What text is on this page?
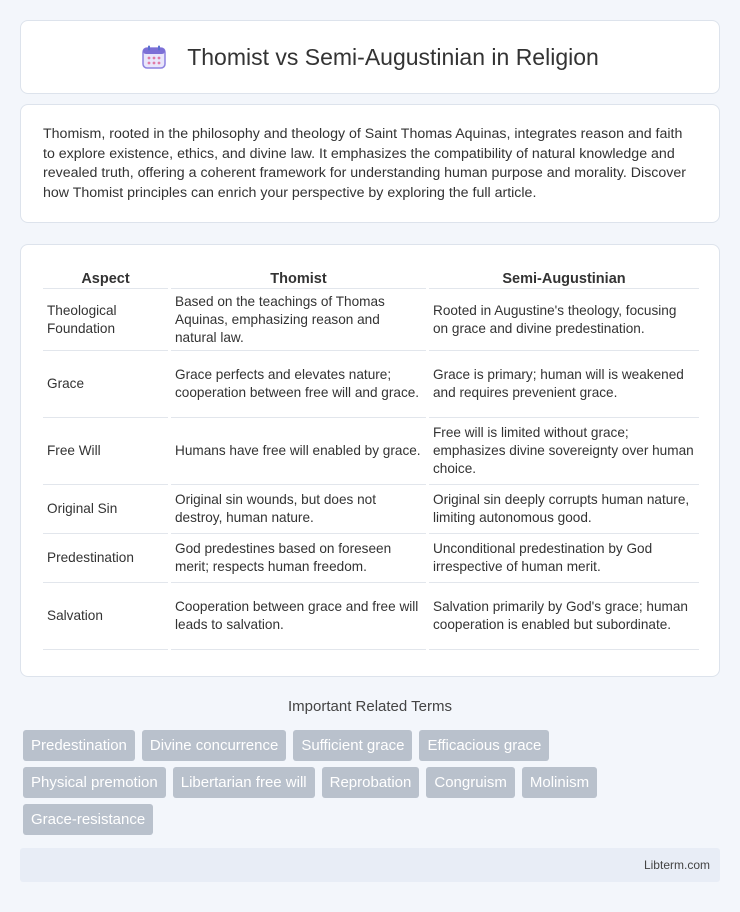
Thomist vs Semi-Augustinian in Religion

Thomism, rooted in the philosophy and theology of Saint Thomas Aquinas, integrates reason and faith to explore existence, ethics, and divine law. It emphasizes the compatibility of natural knowledge and revealed truth, offering a coherent framework for understanding human purpose and morality. Discover how Thomist principles can enrich your perspective by exploring the full article.

Aspect	Thomist	Semi-Augustinian
Theological Foundation	Based on the teachings of Thomas Aquinas, emphasizing reason and natural law.	Rooted in Augustine's theology, focusing on grace and divine predestination.
Grace	Grace perfects and elevates nature; cooperation between free will and grace.	Grace is primary; human will is weakened and requires prevenient grace.
Free Will	Humans have free will enabled by grace.	Free will is limited without grace; emphasizes divine sovereignty over human choice.
Original Sin	Original sin wounds, but does not destroy, human nature.	Original sin deeply corrupts human nature, limiting autonomous good.
Predestination	God predestines based on foreseen merit; respects human freedom.	Unconditional predestination by God irrespective of human merit.
Salvation	Cooperation between grace and free will leads to salvation.	Salvation primarily by God's grace; human cooperation is enabled but subordinate.
Important Related Terms
Predestination	Divine concurrence	Sufficient grace	Efficacious grace
Physical premotion	Libertarian free will	Reprobation	Congruism	Molinism
Grace-resistance
Libterm.com
